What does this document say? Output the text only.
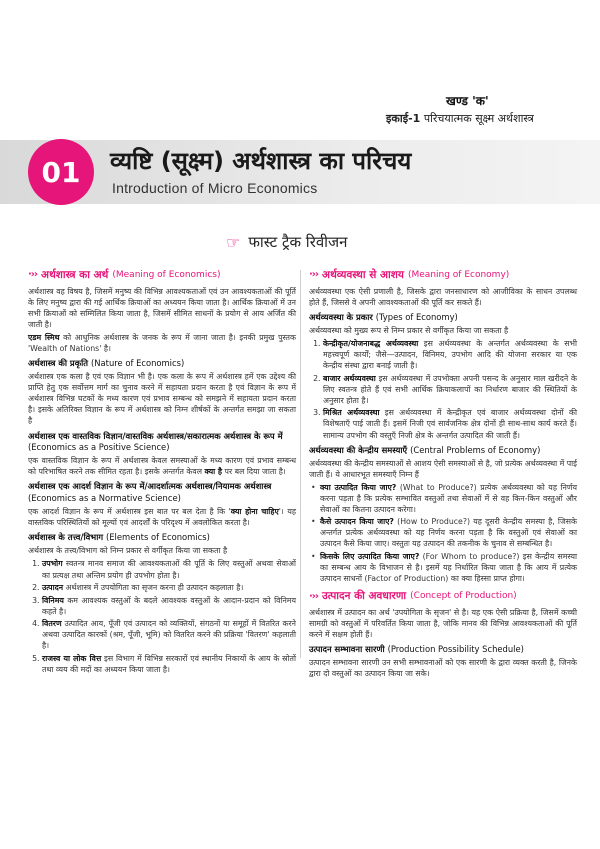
खण्ड 'क'
इकाई-1 परिचयात्मक सूक्ष्म अर्थशास्त्र
01	व्यष्टि (सूक्ष्म) अर्थशास्त्र का परिचय
Introduction of Micro Economics
☞ फास्ट ट्रैक रिवीजन
·›› अर्थशास्त्र का अर्थ (Meaning of Economics)

अर्थशास्त्र वह विषय है, जिसमें मनुष्य की विभिन्न आवश्यकताओं एवं उन आवश्यकताओं की पूर्ति के लिए मनुष्य द्वारा की गई आर्थिक क्रियाओं का अध्ययन किया जाता है। आर्थिक क्रियाओं में उन सभी क्रियाओं को सम्मिलित किया जाता है, जिसमें सीमित साधनों के प्रयोग से आय अर्जित की जाती है।

एडम स्मिथ को आधुनिक अर्थशास्त्र के जनक के रूप में जाना जाता है। इनकी प्रमुख पुस्तक 'Wealth of Nations' है।

अर्थशास्त्र की प्रकृति (Nature of Economics)

अर्थशास्त्र एक कला है एवं एक विज्ञान भी है। एक कला के रूप में अर्थशास्त्र हमें एक उद्देश्य की प्राप्ति हेतु एक सर्वोत्तम मार्ग का चुनाव करने में सहायता प्रदान करता है एवं विज्ञान के रूप में अर्थशास्त्र विभिन्न घटकों के मध्य कारण एवं प्रभाव सम्बन्ध को समझने में सहायता प्रदान करता है। इसके अतिरिक्त विज्ञान के रूप में अर्थशास्त्र को निम्न शीर्षकों के अन्तर्गत समझा जा सकता है

अर्थशास्त्र एक वास्तविक विज्ञान/वास्तविक अर्थशास्त्र/सकारात्मक अर्थशास्त्र के रूप में (Economics as a Positive Science)

एक वास्तविक विज्ञान के रूप में अर्थशास्त्र केवल समस्याओं के मध्य कारण एवं प्रभाव सम्बन्ध को परिभाषित करने तक सीमित रहता है। इसके अन्तर्गत केवल क्या है पर बल दिया जाता है।

अर्थशास्त्र एक आदर्श विज्ञान के रूप में/आदर्शात्मक अर्थशास्त्र/नियामक अर्थशास्त्र (Economics as a Normative Science)

एक आदर्श विज्ञान के रूप में अर्थशास्त्र इस बात पर बल देता है कि 'क्या होना चाहिए'। यह वास्तविक परिस्थितियों को मूल्यों एवं आदर्शों के परिदृश्य में अवलोकित करता है।

अर्थशास्त्र के तत्त्व/विभाग (Elements of Economics)

अर्थशास्त्र के तत्त्व/विभाग को निम्न प्रकार से वर्गीकृत किया जा सकता है

1. उपभोग स्वतन्त्र मानव समाज की आवश्यकताओं की पूर्ति के लिए वस्तुओं अथवा सेवाओं का प्रत्यक्ष तथा अन्तिम प्रयोग ही उपभोग होता है।
2. उत्पादन अर्थशास्त्र में उपयोगिता का सृजन करना ही उत्पादन कहलाता है।
3. विनिमय कम आवश्यक वस्तुओं के बदले आवश्यक वस्तुओं के आदान-प्रदान को विनिमय कहते है।
4. वितरण उत्पादित आय, पूँजी एवं उत्पादन को व्यक्तियों, संगठनों या समूहों में वितरित करने अथवा उत्पादित कारकों (श्रम, पूँजी, भूमि) को वितरित करने की प्रक्रिया 'वितरण' कहलाती है।
5. राजस्व या लोक वित्त इस विभाग में विभिन्न सरकारों एवं स्थानीय निकायों के आय के स्रोतों तथा व्यय की मदों का अध्ययन किया जाता है।
·›› अर्थव्यवस्था से आशय (Meaning of Economy)

अर्थव्यवस्था एक ऐसी प्रणाली है, जिसके द्वारा जनसाधारण को आजीविका के साधन उपलब्ध होते हैं, जिससे वे अपनी आवश्यकताओं की पूर्ति कर सकते हैं।

अर्थव्यवस्था के प्रकार (Types of Economy)

अर्थव्यवस्था को मुख्य रूप से निम्न प्रकार से वर्गीकृत किया जा सकता है

1. केन्द्रीकृत/योजनाबद्ध अर्थव्यवस्था इस अर्थव्यवस्था के अन्तर्गत अर्थव्यवस्था के सभी महत्त्वपूर्ण कार्यों; जैसे—उत्पादन, विनिमय, उपभोग आदि की योजना सरकार या एक केन्द्रीय संस्था द्वारा बनाई जाती है।
2. बाजार अर्थव्यवस्था इस अर्थव्यवस्था में उपभोक्ता अपनी पसन्द के अनुसार माल खरीदने के लिए स्वतन्त्र होते हैं एवं सभी आर्थिक क्रियाकलापों का निर्धारण बाजार की स्थितियों के अनुसार होता है।
3. मिश्रित अर्थव्यवस्था इस अर्थव्यवस्था में केन्द्रीकृत एवं बाजार अर्थव्यवस्था दोनों की विशेषताएँ पाई जाती हैं। इसमें निजी एवं सार्वजनिक क्षेत्र दोनों ही साथ-साथ कार्य करते हैं। सामान्य उपभोग की वस्तुएँ निजी क्षेत्र के अन्तर्गत उत्पादित की जाती हैं।
अर्थव्यवस्था की केन्द्रीय समस्याएँ (Central Problems of Economy)

अर्थव्यवस्था की केन्द्रीय समस्याओं से आशय ऐसी समस्याओं से है, जो प्रत्येक अर्थव्यवस्था में पाई जाती हैं। ये आधारभूत समस्याएँ निम्न हैं

• क्या उत्पादित किया जाए? (What to Produce?) प्रत्येक अर्थव्यवस्था को यह निर्णय करना पड़ता है कि प्रत्येक सम्भावित वस्तुओं तथा सेवाओं में से वह किन-किन वस्तुओं और सेवाओं का कितना उत्पादन करेगा।
• कैसे उत्पादन किया जाए? (How to Produce?) यह दूसरी केन्द्रीय समस्या है, जिसके अन्तर्गत प्रत्येक अर्थव्यवस्था को यह निर्णय करना पड़ता है कि वस्तुओं एवं सेवाओं का उत्पादन कैसे किया जाए। वस्तुतः यह उत्पादन की तकनीक के चुनाव से सम्बन्धित है।
• किसके लिए उत्पादित किया जाए? (For Whom to produce?) इस केन्द्रीय समस्या का सम्बन्ध आय के विभाजन से है। इसमें यह निर्धारित किया जाता है कि आय में प्रत्येक उत्पादन साधनों (Factor of Production) का क्या हिस्सा प्राप्त होगा।
·›› उत्पादन की अवधारणा (Concept of Production)

अर्थशास्त्र में उत्पादन का अर्थ 'उपयोगिता के सृजन' से है। यह एक ऐसी प्रक्रिया है, जिसमें कच्ची सामग्री को वस्तुओं में परिवर्तित किया जाता है, जोकि मानव की विभिन्न आवश्यकताओं की पूर्ति करने में सक्षम होती हैं।

उत्पादन सम्भावना सारणी (Production Possibility Schedule)

उत्पादन सम्भावना सारणी उन सभी सम्भावनाओं को एक सारणी के द्वारा व्यक्त करती है, जिनके द्वारा दो वस्तुओं का उत्पादन किया जा सके।
